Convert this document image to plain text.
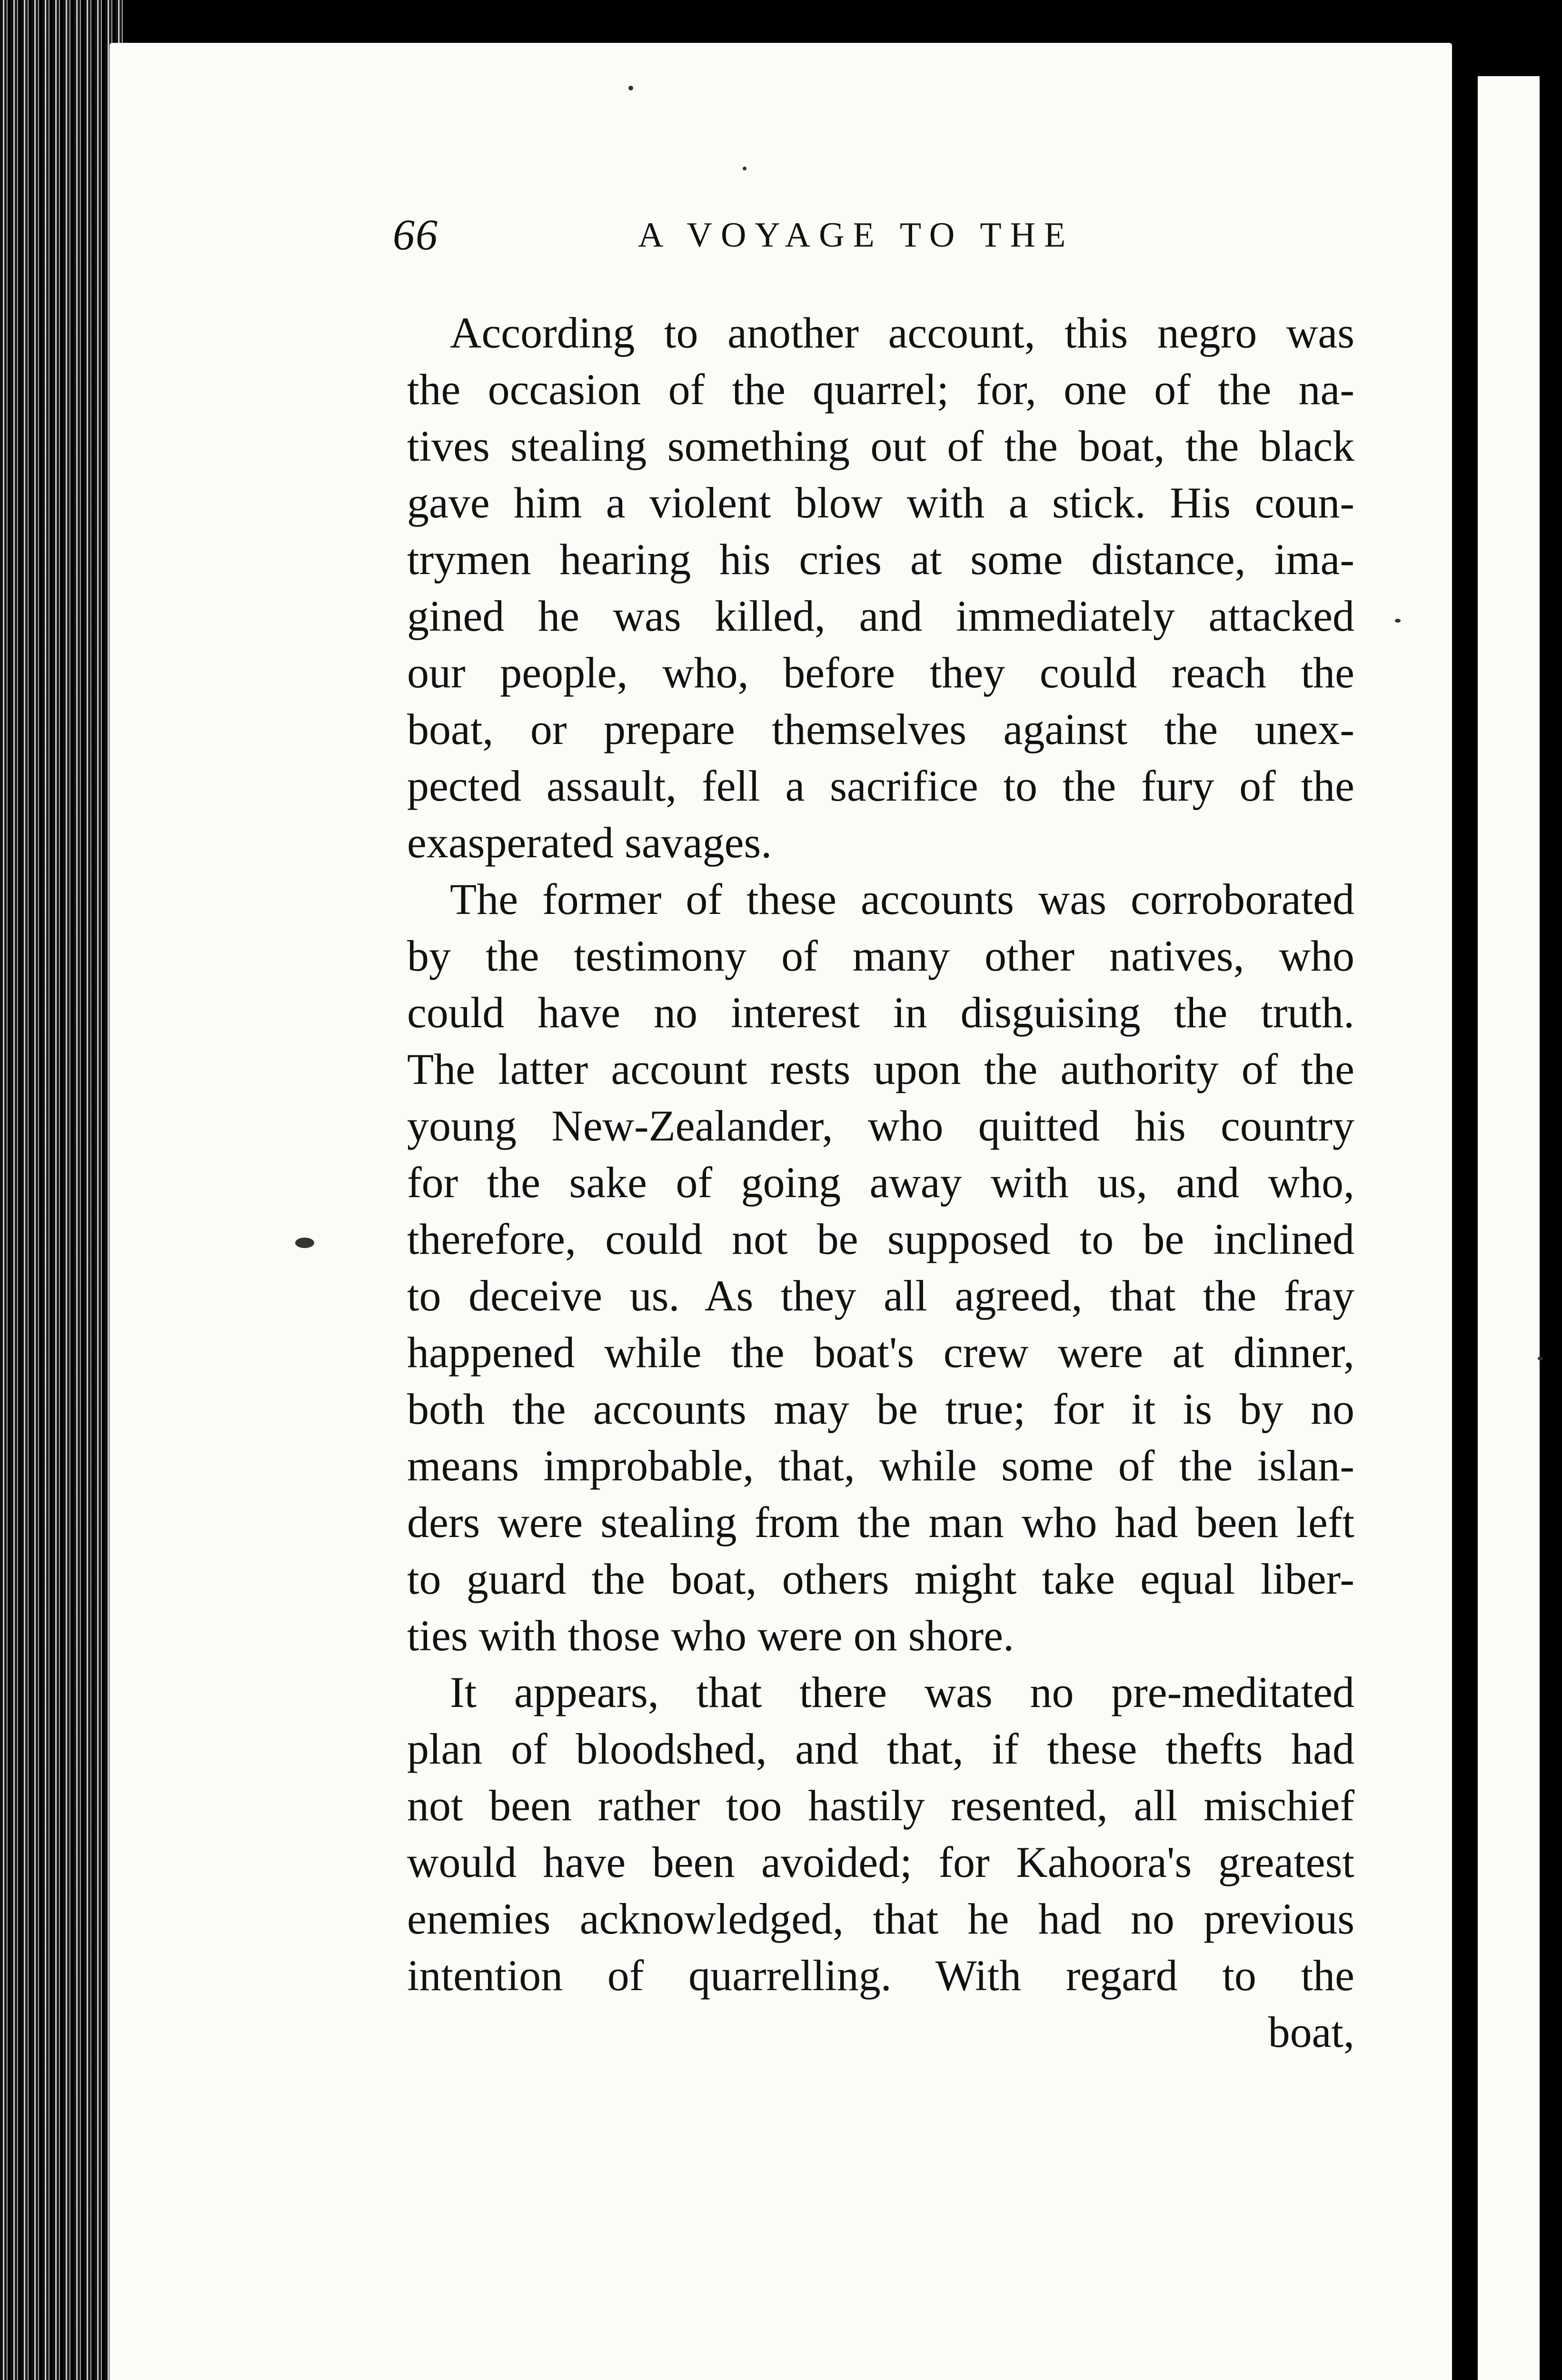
66	A VOYAGE TO THE
According to another account, this negro was
the occasion of the quarrel; for, one of the na-
tives stealing something out of the boat, the black
gave him a violent blow with a stick. His coun-
trymen hearing his cries at some distance, ima-
gined he was killed, and immediately attacked
our people, who, before they could reach the
boat, or prepare themselves against the unex-
pected assault, fell a sacrifice to the fury of the
exasperated savages.
The former of these accounts was corroborated
by the testimony of many other natives, who
could have no interest in disguising the truth.
The latter account rests upon the authority of the
young New-Zealander, who quitted his country
for the sake of going away with us, and who,
therefore, could not be supposed to be inclined
to deceive us. As they all agreed, that the fray
happened while the boat's crew were at dinner,
both the accounts may be true; for it is by no
means improbable, that, while some of the islan-
ders were stealing from the man who had been left
to guard the boat, others might take equal liber-
ties with those who were on shore.
It appears, that there was no pre-meditated
plan of bloodshed, and that, if these thefts had
not been rather too hastily resented, all mischief
would have been avoided; for Kahoora's greatest
enemies acknowledged, that he had no previous
intention of quarrelling. With regard to the
boat,
